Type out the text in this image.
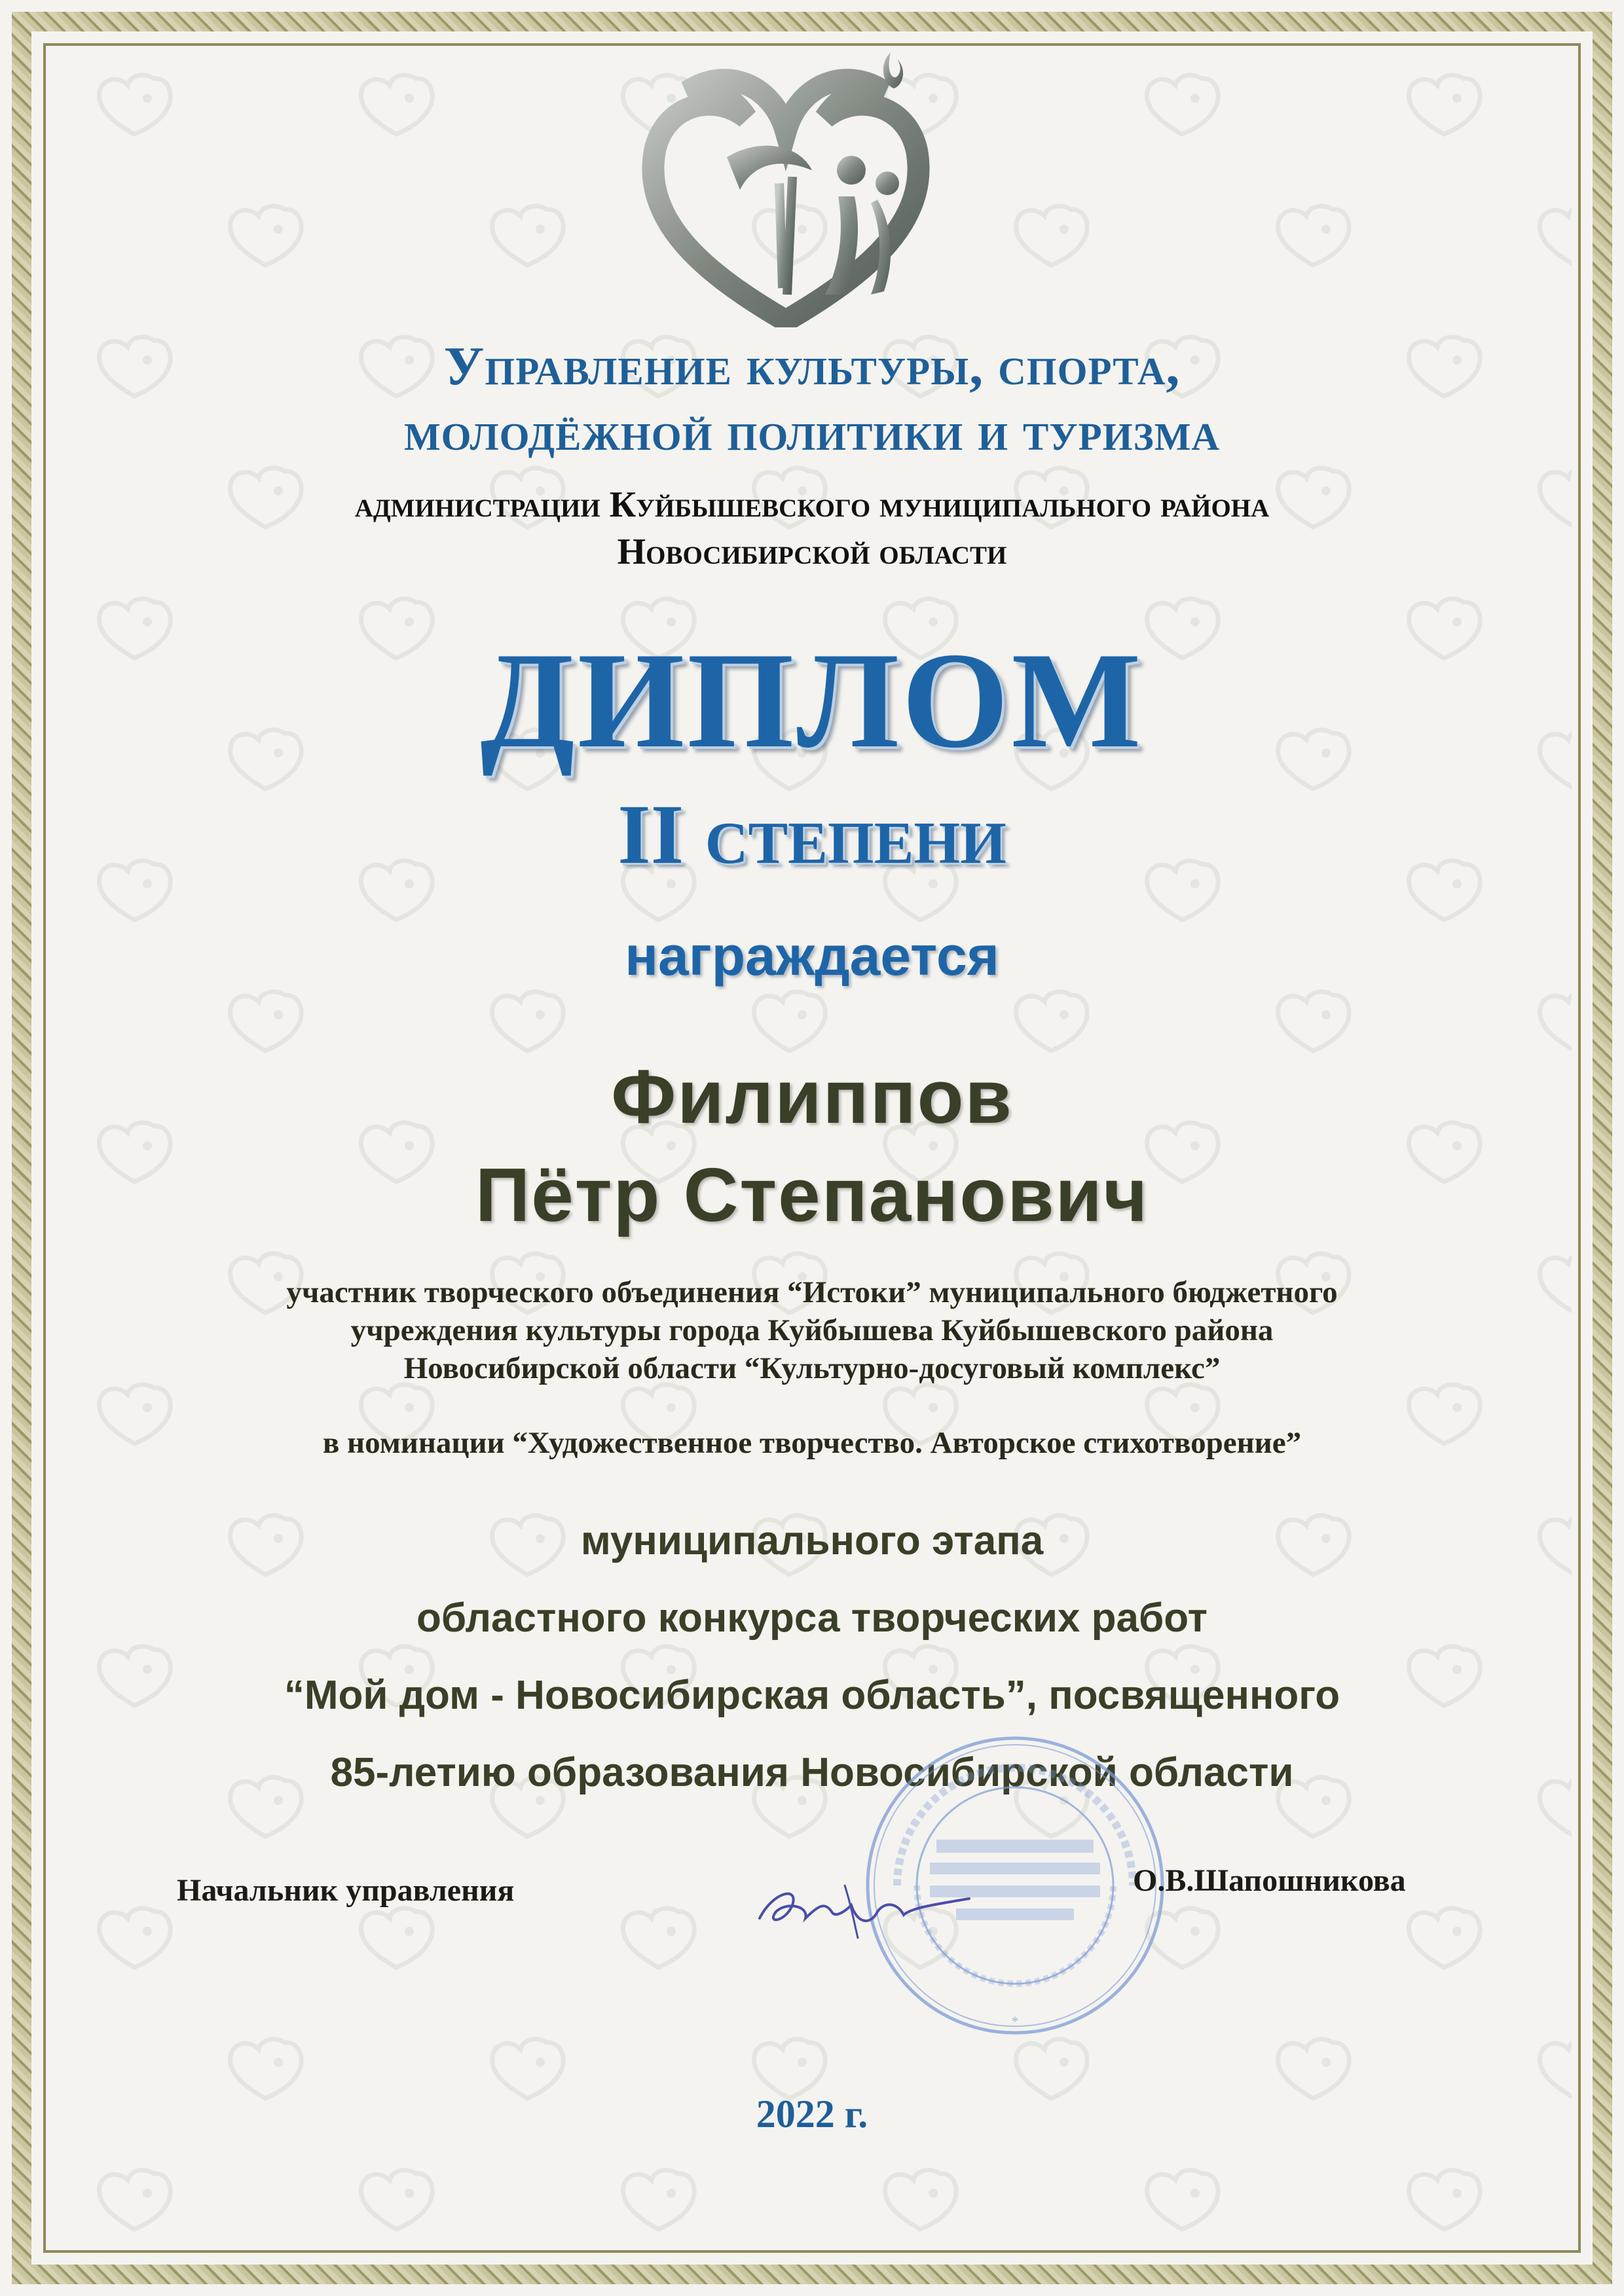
Управление культуры, спорта,
молодёжной политики и туризма
администрации Куйбышевского муниципального района
Новосибирской области
ДИПЛОМ
II степени
награждается
Филиппов
Пётр Степанович
участник творческого объединения “Истоки” муниципального бюджетного
учреждения культуры города Куйбышева Куйбышевского района
Новосибирской области “Культурно-досуговый комплекс”
в номинации “Художественное творчество. Авторское стихотворение”
муниципального этапа
областного конкурса творческих работ
“Мой дом - Новосибирская область”, посвященного
85-летию образования Новосибирской области
*
Начальник управления	О.В.Шапошникова
2022 г.
